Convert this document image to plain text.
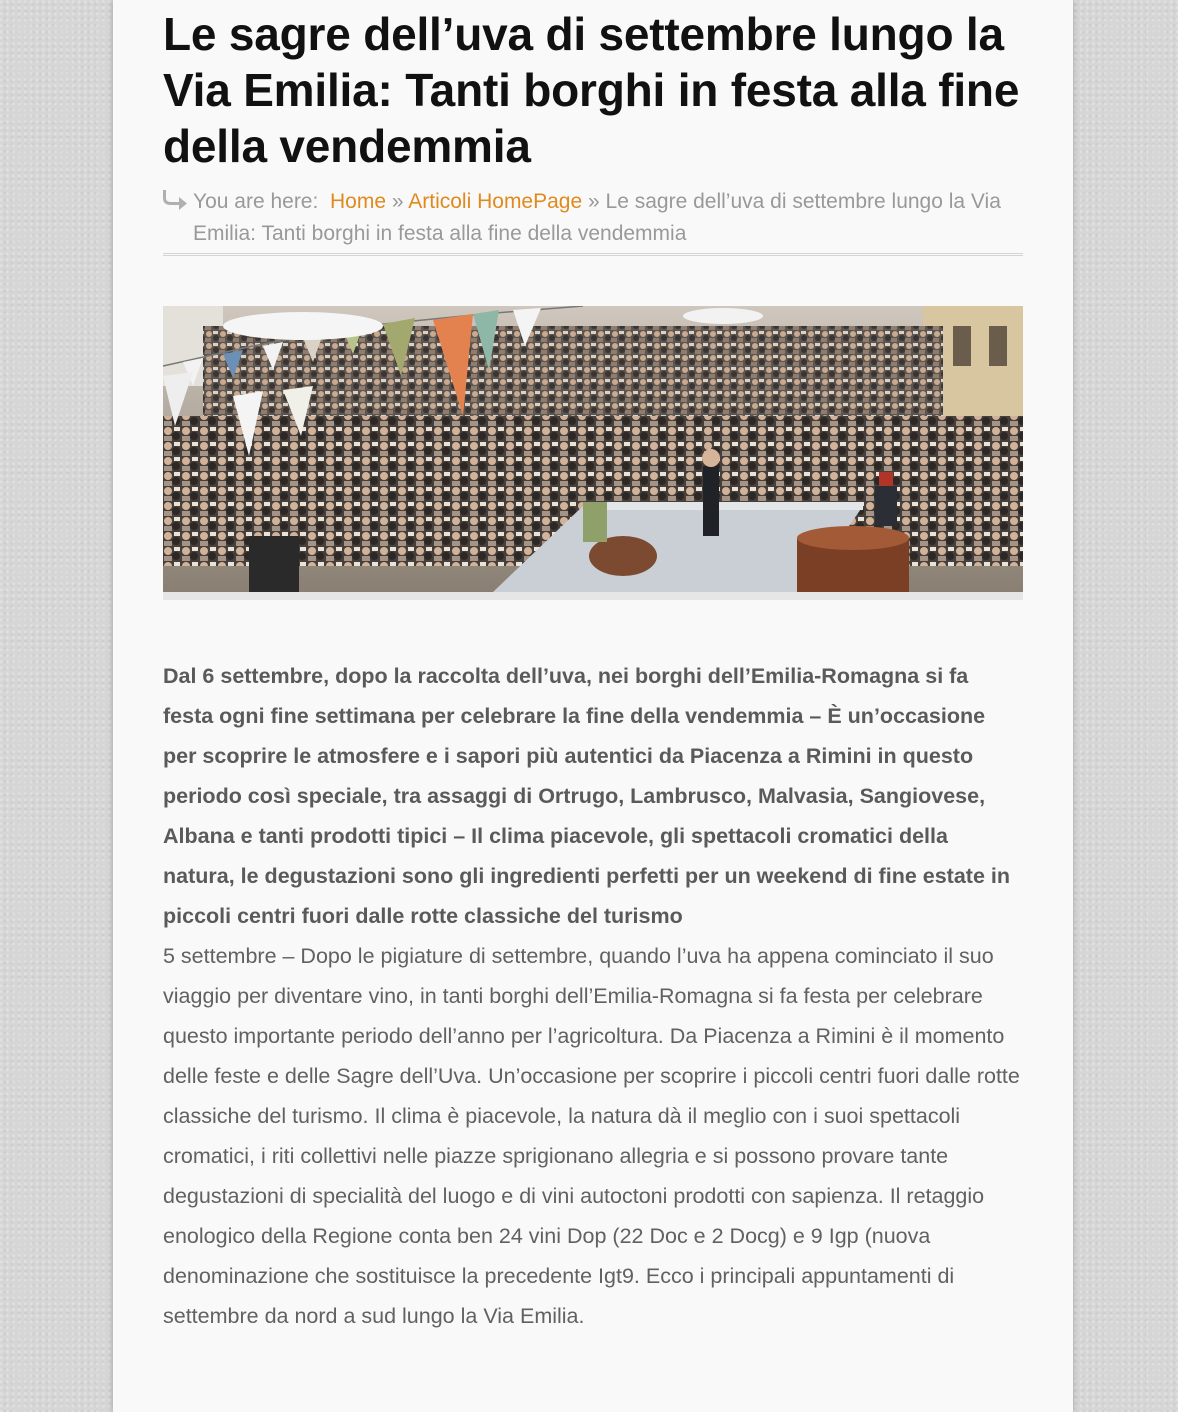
Le sagre dell’uva di settembre lungo la Via Emilia: Tanti borghi in festa alla fine della vendemmia
You are here: Home » Articoli HomePage » Le sagre dell’uva di settembre lungo la Via Emilia: Tanti borghi in festa alla fine della vendemmia
Dal 6 settembre, dopo la raccolta dell’uva, nei borghi dell’Emilia-Romagna si fa festa ogni fine settimana per celebrare la fine della vendemmia – È un’occasione per scoprire le atmosfere e i sapori più autentici da Piacenza a Rimini in questo periodo così speciale, tra assaggi di Ortrugo, Lambrusco, Malvasia, Sangiovese, Albana e tanti prodotti tipici – Il clima piacevole, gli spettacoli cromatici della natura, le degustazioni sono gli ingredienti perfetti per un weekend di fine estate in piccoli centri fuori dalle rotte classiche del turismo
5 settembre – Dopo le pigiature di settembre, quando l’uva ha appena cominciato il suo viaggio per diventare vino, in tanti borghi dell’Emilia-Romagna si fa festa per celebrare questo importante periodo dell’anno per l’agricoltura. Da Piacenza a Rimini è il momento delle feste e delle Sagre dell’Uva. Un’occasione per scoprire i piccoli centri fuori dalle rotte classiche del turismo. Il clima è piacevole, la natura dà il meglio con i suoi spettacoli cromatici, i riti collettivi nelle piazze sprigionano allegria e si possono provare tante degustazioni di specialità del luogo e di vini autoctoni prodotti con sapienza. Il retaggio enologico della Regione conta ben 24 vini Dop (22 Doc e 2 Docg) e 9 Igp (nuova denominazione che sostituisce la precedente Igt9. Ecco i principali appuntamenti di settembre da nord a sud lungo la Via Emilia.
